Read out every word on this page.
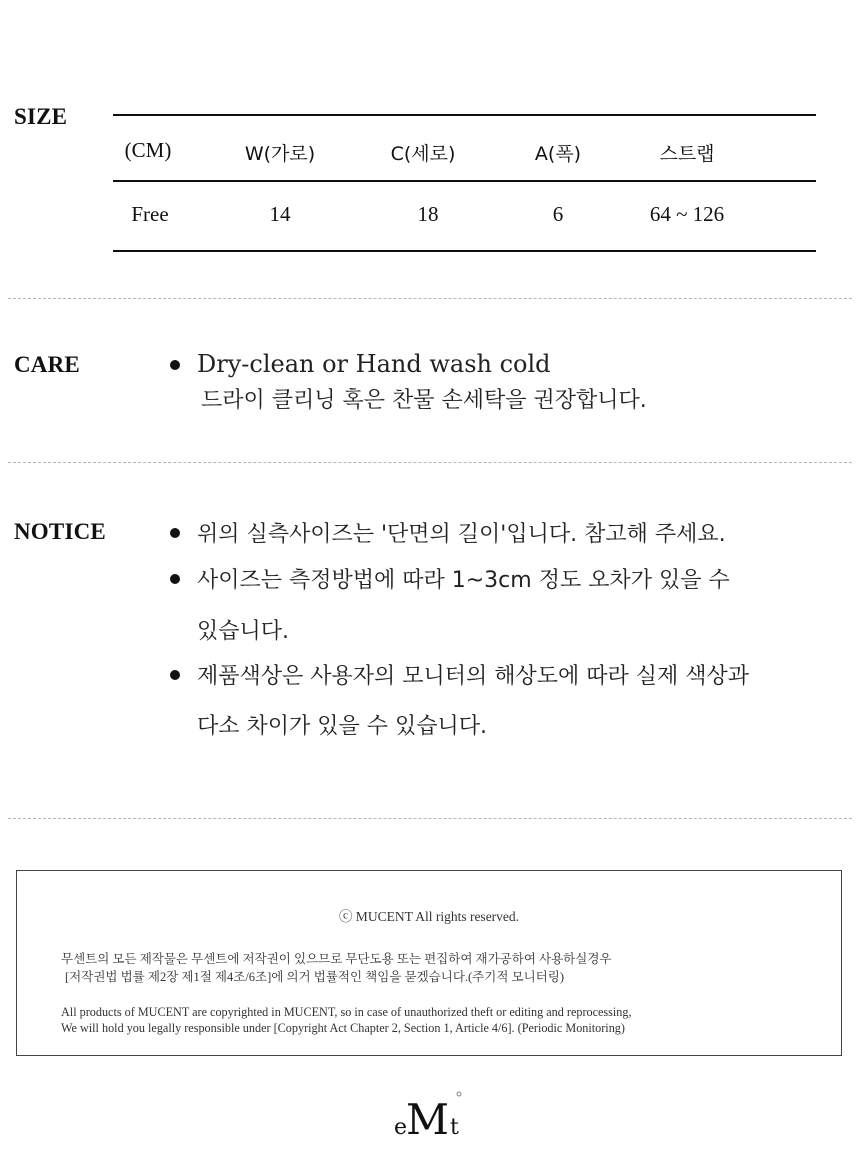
SIZE
(CM)	W(가로)	C(세로)	A(폭)	스트랩
Free	14	18	6	64 ~ 126
CARE	Dry-clean or Hand wash cold
드라이 클리닝 혹은 찬물 손세탁을 권장합니다.
NOTICE	위의 실측사이즈는 '단면의 길이'입니다. 참고해 주세요.
사이즈는 측정방법에 따라 1~3cm 정도 오차가 있을 수
있습니다.
제품색상은 사용자의 모니터의 해상도에 따라 실제 색상과
다소 차이가 있을 수 있습니다.
ⓒ MUCENT All rights reserved.
무센트의 모든 제작물은 무센트에 저작권이 있으므로 무단도용 또는 편집하여 재가공하여 사용하실경우
[저작권법 법률 제2장 제1절 제4조/6조]에 의거 법률적인 책임을 묻겠습니다.(주기적 모니터링)
All products of MUCENT are copyrighted in MUCENT, so in case of unauthorized theft or editing and reprocessing,
We will hold you legally responsible under [Copyright Act Chapter 2, Section 1, Article 4/6]. (Periodic Monitoring)
e
M t
